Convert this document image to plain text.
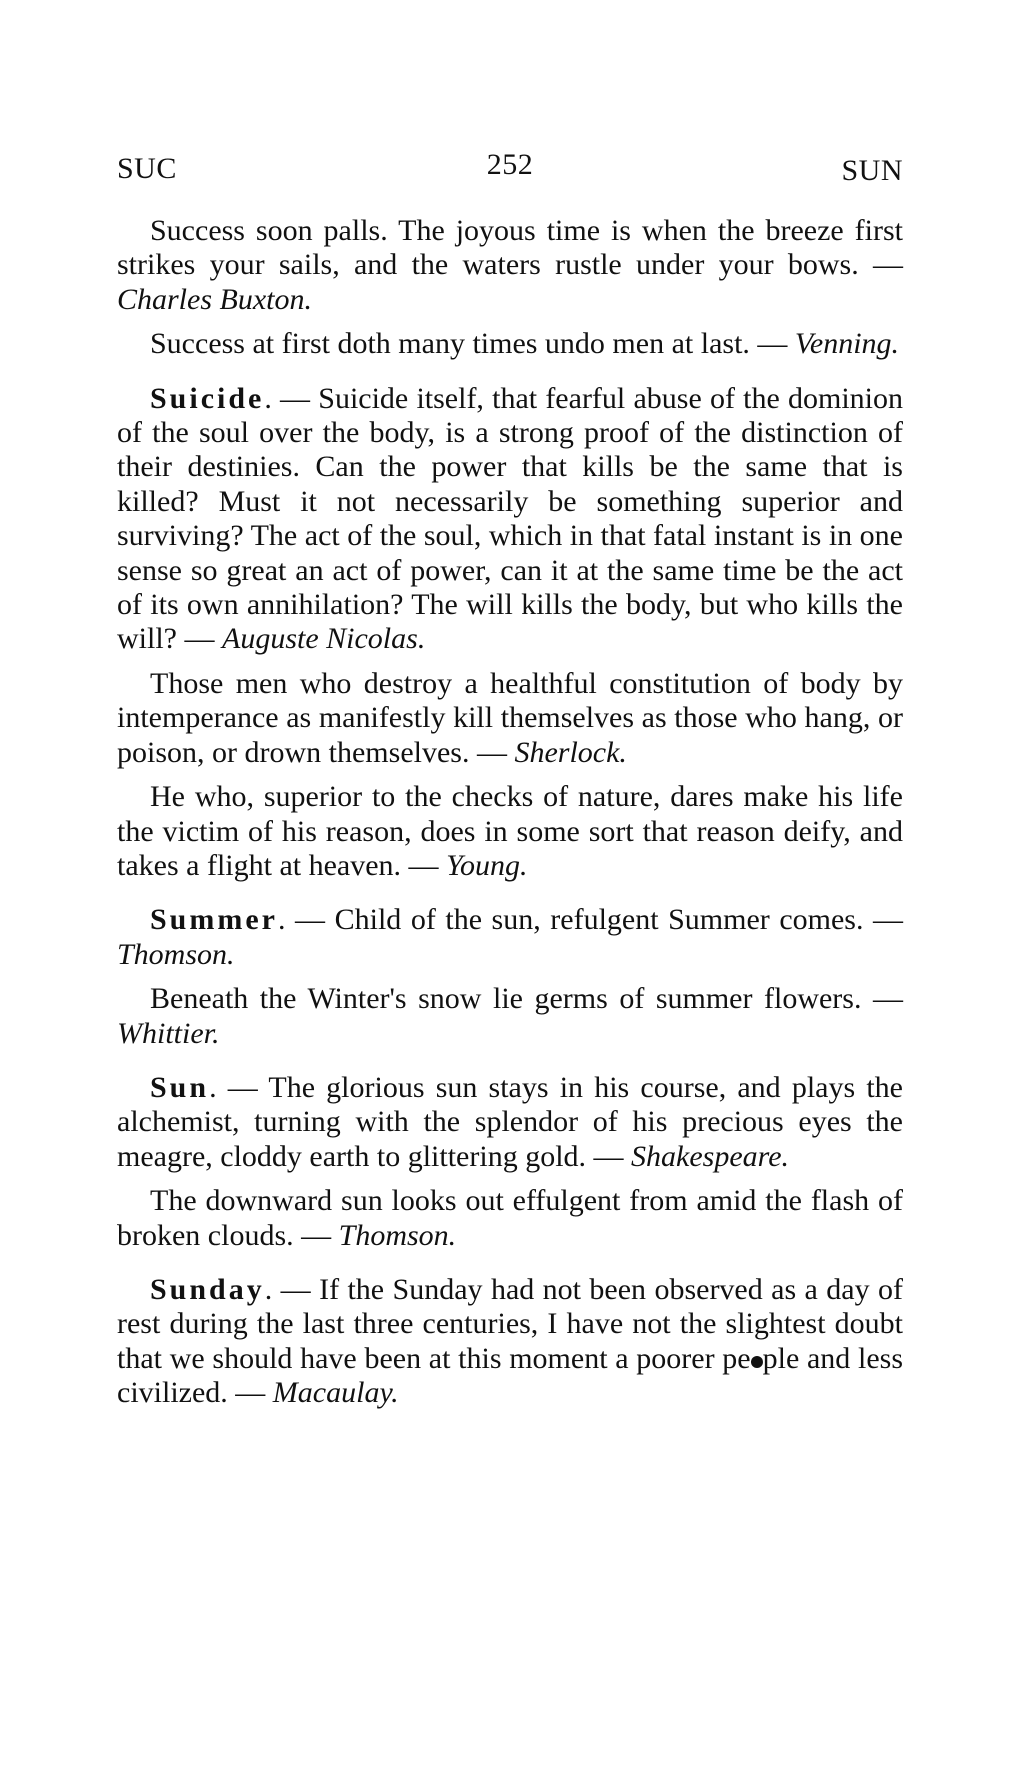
SUC	252	SUN

Success soon palls. The joyous time is when the breeze first strikes your sails, and the waters rustle under your bows. — Charles Buxton.

Success at first doth many times undo men at last. — Venning.

Suicide. — Suicide itself, that fearful abuse of the dominion of the soul over the body, is a strong proof of the distinction of their destinies. Can the power that kills be the same that is killed? Must it not necessarily be something superior and surviving? The act of the soul, which in that fatal instant is in one sense so great an act of power, can it at the same time be the act of its own annihilation? The will kills the body, but who kills the will? — Auguste Nicolas.

Those men who destroy a healthful constitution of body by intemperance as manifestly kill themselves as those who hang, or poison, or drown themselves. — Sherlock.

He who, superior to the checks of nature, dares make his life the victim of his reason, does in some sort that reason deify, and takes a flight at heaven. — Young.

Summer. — Child of the sun, refulgent Summer comes. — Thomson.

Beneath the Winter's snow lie germs of summer flowers. — Whittier.

Sun. — The glorious sun stays in his course, and plays the alchemist, turning with the splendor of his precious eyes the meagre, cloddy earth to glittering gold. — Shakespeare.

The downward sun looks out effulgent from amid the flash of broken clouds. — Thomson.

Sunday. — If the Sunday had not been observed as a day of rest during the last three centuries, I have not the slightest doubt that we should have been at this moment a poorer pe ple and less civilized. — Macaulay.
